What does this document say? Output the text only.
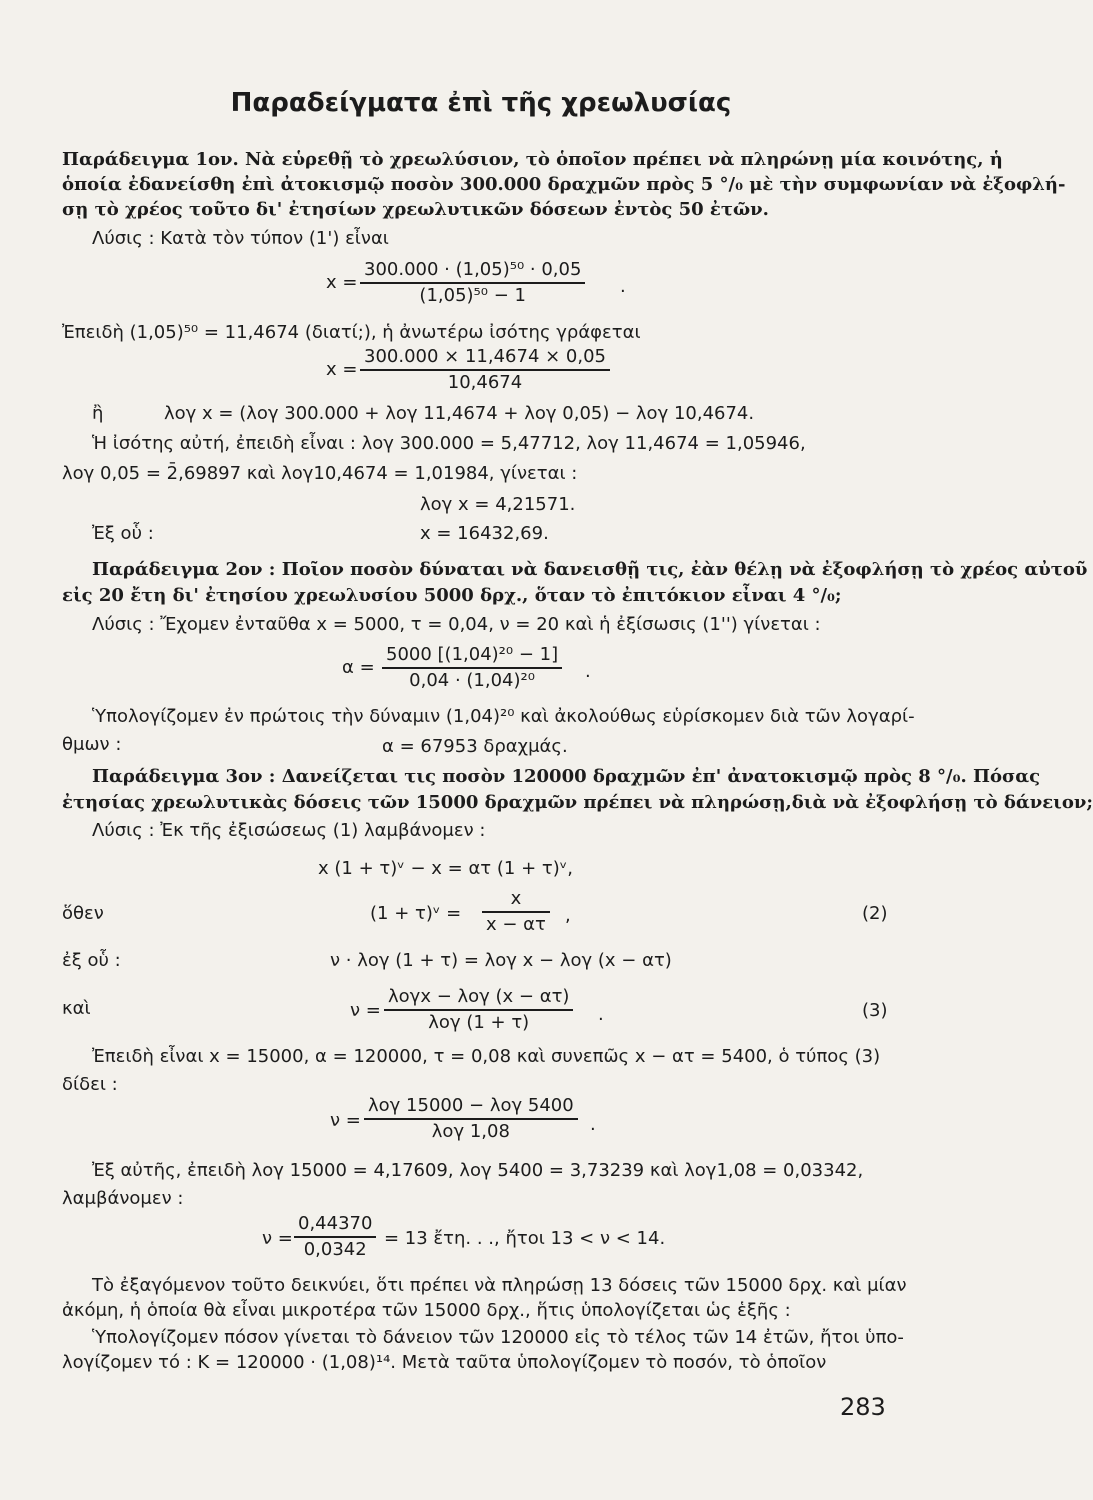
Παραδείγματα ἐπὶ τῆς χρεωλυσίας
Παράδειγμα 1ον. Νὰ εὑρεθῇ τὸ χρεωλύσιον, τὸ ὁποῖον πρέπει νὰ πληρώνῃ μία κοινότης, ἡ
ὁποία ἐδανείσθη ἐπὶ ἀτοκισμῷ ποσὸν 300.000 δραχμῶν πρὸς 5 °/₀ μὲ τὴν συμφωνίαν νὰ ἐξοφλή-
σῃ τὸ χρέος τοῦτο δι' ἐτησίων χρεωλυτικῶν δόσεων ἐντὸς 50 ἐτῶν.
Λύσις : Κατὰ τὸν τύπον (1') εἶναι
x =
300.000 · (1,05)⁵⁰ · 0,05
(1,05)⁵⁰ − 1	.
Ἐπειδὴ (1,05)⁵⁰ = 11,4674 (διατί;), ἡ ἀνωτέρω ἰσότης γράφεται
x =
300.000 × 11,4674 × 0,05
10,4674
ἢ	λογ x = (λογ 300.000 + λογ 11,4674 + λογ 0,05) − λογ 10,4674.
Ἡ ἰσότης αὐτή, ἐπειδὴ εἶναι : λογ 300.000 = 5,47712, λογ 11,4674 = 1,05946,
λογ 0,05 = 2̄,69897 καὶ λογ10,4674 = 1,01984, γίνεται :
λογ x = 4,21571.
Ἐξ οὗ :	x = 16432,69.
Παράδειγμα 2ον : Ποῖον ποσὸν δύναται νὰ δανεισθῇ τις, ἐὰν θέλῃ νὰ ἐξοφλήσῃ τὸ χρέος αὐτοῦ
εἰς 20 ἔτη δι' ἐτησίου χρεωλυσίου 5000 δρχ., ὅταν τὸ ἐπιτόκιον εἶναι 4 °/₀;
Λύσις : Ἔχομεν ἐνταῦθα x = 5000, τ = 0,04, ν = 20 καὶ ἡ ἐξίσωσις (1'') γίνεται :
α =
5000 [(1,04)²⁰ − 1]
0,04 · (1,04)²⁰	.
Ὑπολογίζομεν ἐν πρώτοις τὴν δύναμιν (1,04)²⁰ καὶ ἀκολούθως εὑρίσκομεν διὰ τῶν λογαρί-
θμων :	α = 67953 δραχμάς.
Παράδειγμα 3ον : Δανείζεται τις ποσὸν 120000 δραχμῶν ἐπ' ἀνατοκισμῷ πρὸς 8 °/₀. Πόσας
ἐτησίας χρεωλυτικὰς δόσεις τῶν 15000 δραχμῶν πρέπει νὰ πληρώσῃ,διὰ νὰ ἐξοφλήσῃ τὸ δάνειον;
Λύσις : Ἐκ τῆς ἐξισώσεως (1) λαμβάνομεν :
x (1 + τ)ᵛ − x = ατ (1 + τ)ᵛ,
ὅθεν	(1 + τ)ᵛ =
x
x − ατ ,	(2)
ἐξ οὗ :	ν · λογ (1 + τ) = λογ x − λογ (x − ατ)
καὶ	ν =
λογx − λογ (x − ατ)
λογ (1 + τ)	.	(3)
Ἐπειδὴ εἶναι x = 15000, α = 120000, τ = 0,08 καὶ συνεπῶς x − ατ = 5400, ὁ τύπος (3)
δίδει :
ν =
λογ 15000 − λογ 5400
λογ 1,08	.
Ἐξ αὐτῆς, ἐπειδὴ λογ 15000 = 4,17609, λογ 5400 = 3,73239 καὶ λογ1,08 = 0,03342,
λαμβάνομεν :
ν =
0,44370
0,0342 = 13 ἔτη. . ., ἤτοι 13 < ν < 14.
Τὸ ἐξαγόμενον τοῦτο δεικνύει, ὅτι πρέπει νὰ πληρώσῃ 13 δόσεις τῶν 15000 δρχ. καὶ μίαν
ἀκόμη, ἡ ὁποία θὰ εἶναι μικροτέρα τῶν 15000 δρχ., ἥτις ὑπολογίζεται ὡς ἑξῆς :
Ὑπολογίζομεν πόσον γίνεται τὸ δάνειον τῶν 120000 εἰς τὸ τέλος τῶν 14 ἐτῶν, ἤτοι ὑπο-
λογίζομεν τό : K = 120000 · (1,08)¹⁴. Μετὰ ταῦτα ὑπολογίζομεν τὸ ποσόν, τὸ ὁποῖον
283
